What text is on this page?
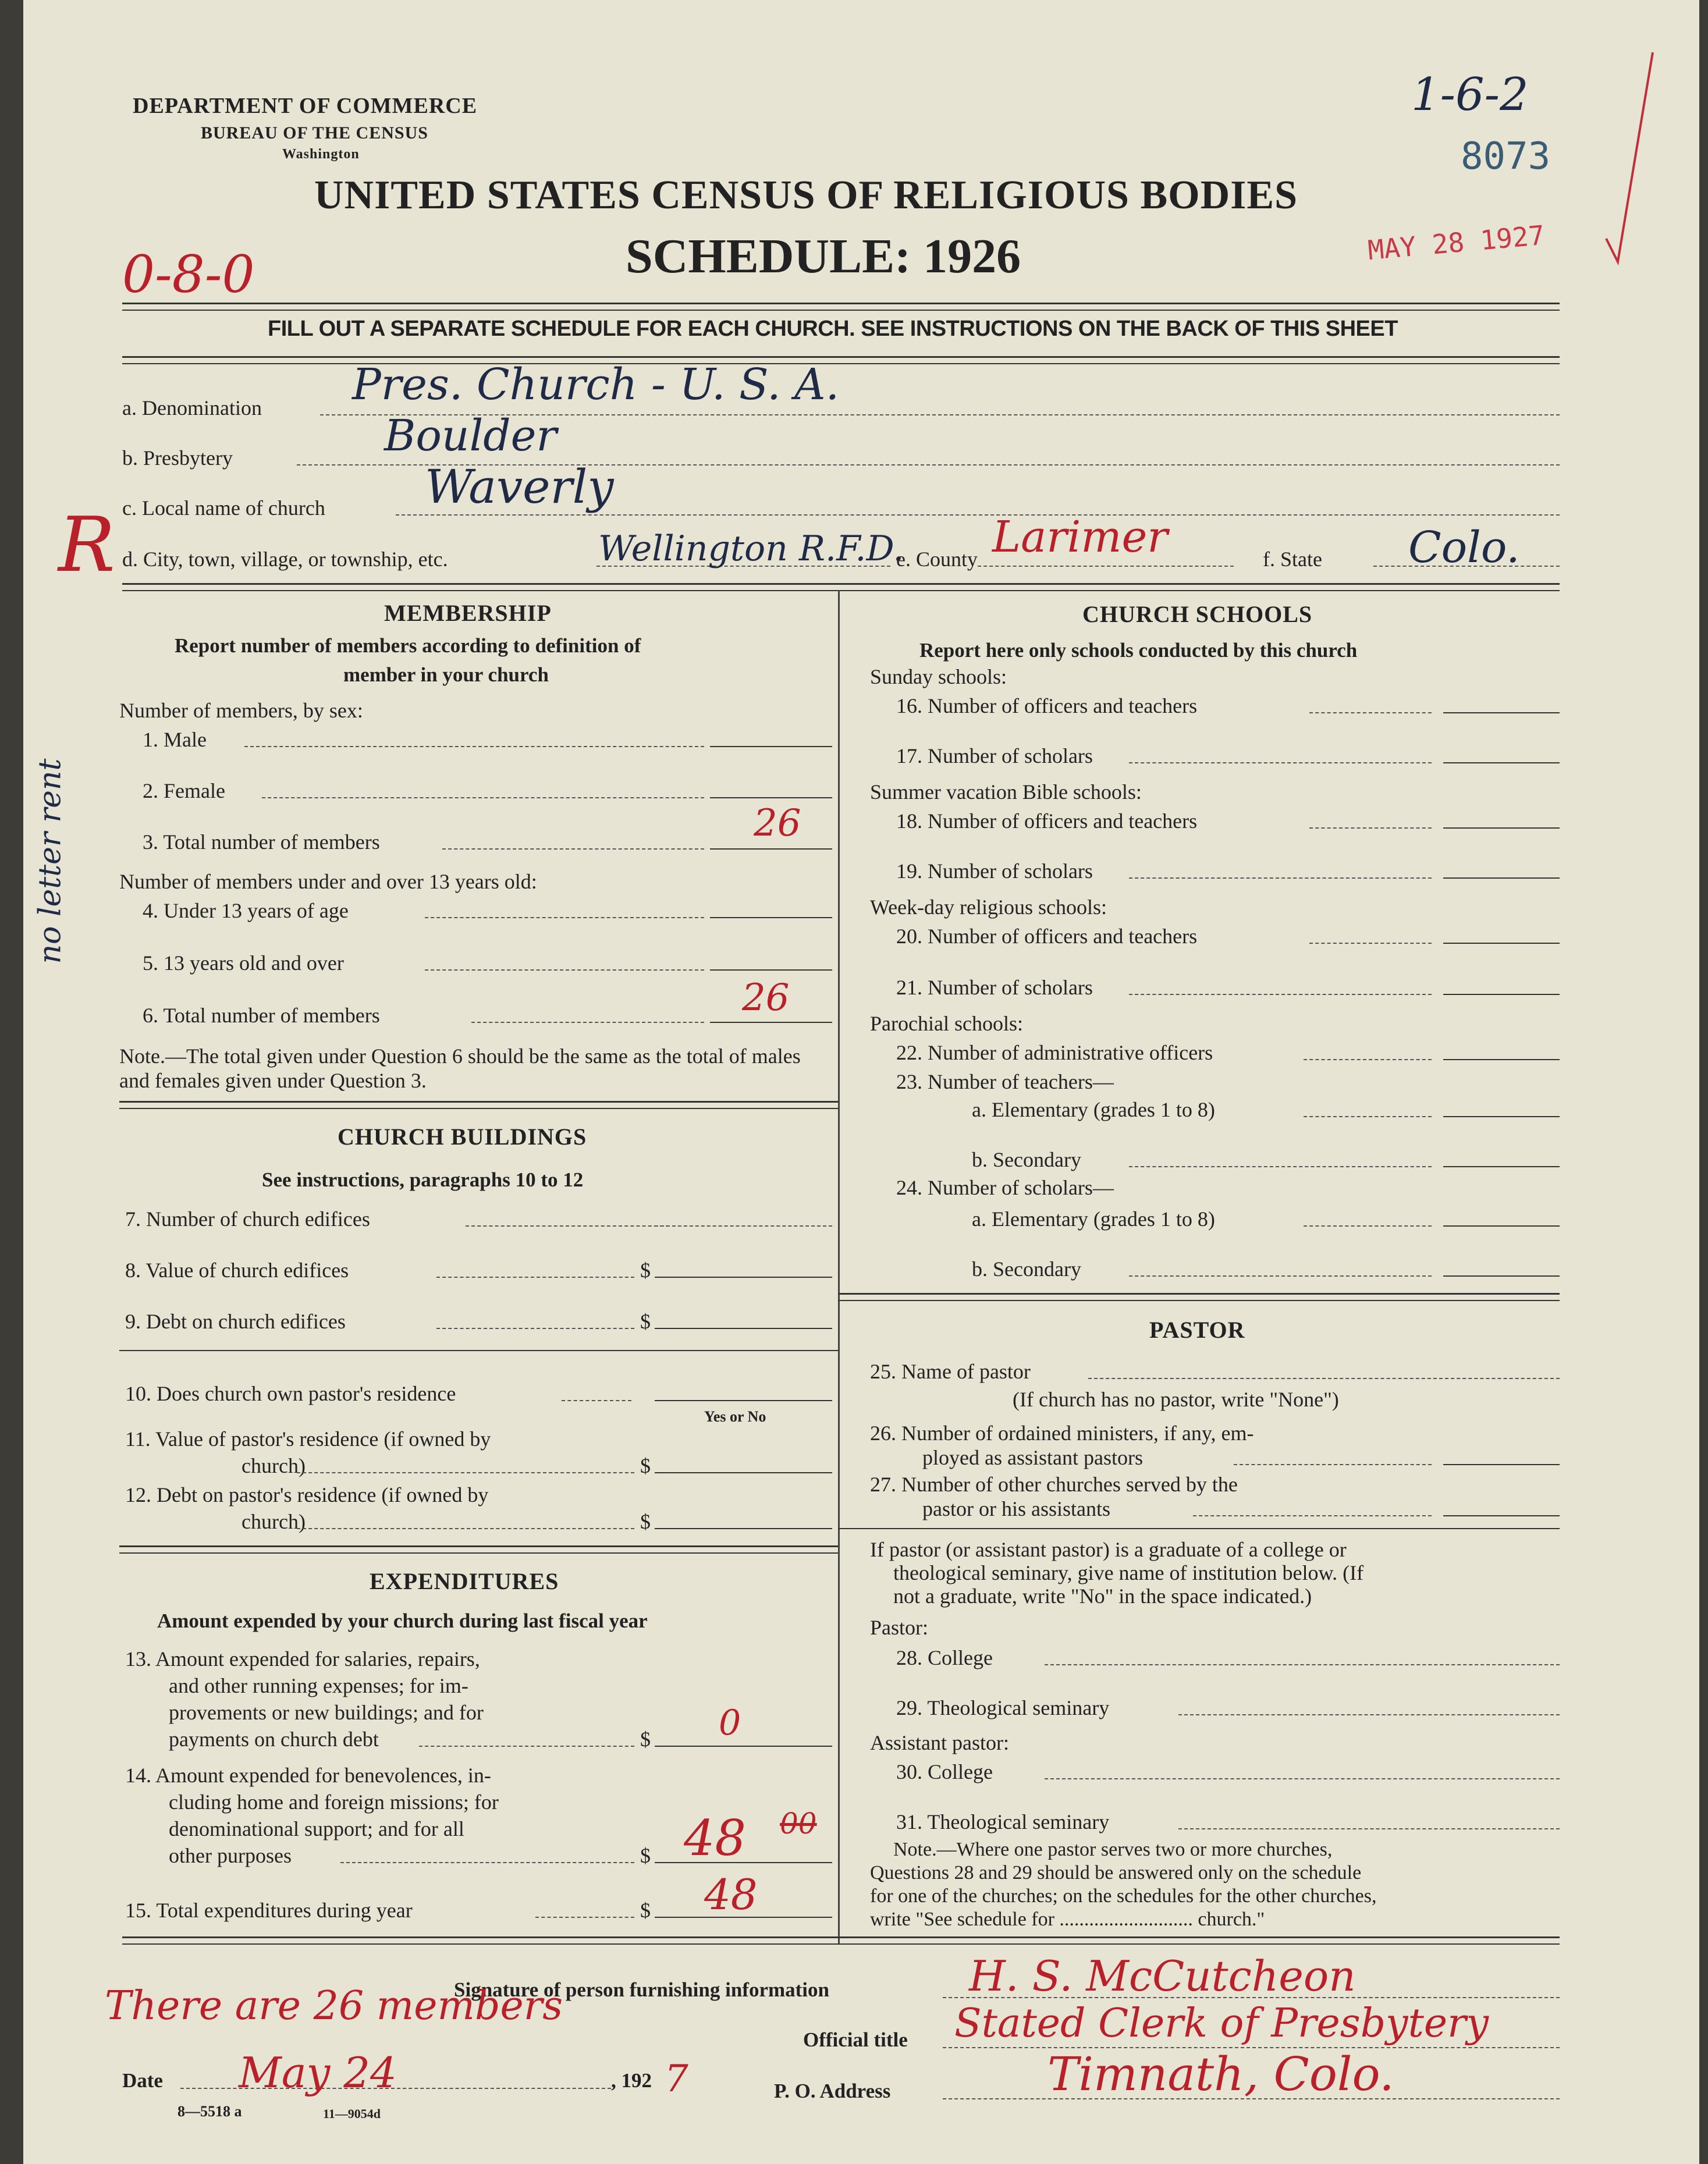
DEPARTMENT OF COMMERCE
BUREAU OF THE CENSUS
Washington
UNITED STATES CENSUS OF RELIGIOUS BODIES
SCHEDULE: 1926
1-6-2
8073
MAY 28 1927
0-8-0
FILL OUT A SEPARATE SCHEDULE FOR EACH CHURCH. SEE INSTRUCTIONS ON THE BACK OF THIS SHEET
a. Denomination Pres. Church - U. S. A.
b. Presbytery	Boulder
c. Local name of church Waverly
R d. City, town, village, or township, etc.	Wellington R.F.D.
e. County Larimer	f. State Colo.
no letter rent
MEMBERSHIP
Report number of members according to definition of
member in your church
Number of members, by sex:
1. Male
2. Female
3. Total number of members	26
Number of members under and over 13 years old:
4. Under 13 years of age
5. 13 years old and over
6. Total number of members	26
Note.—The total given under Question 6 should be the same as the total of males and females given under Question 3.
CHURCH BUILDINGS
See instructions, paragraphs 10 to 12
7. Number of church edifices
8. Value of church edifices	$
9. Debt on church edifices	$
10. Does church own pastor's residence
Yes or No
11. Value of pastor's residence (if owned by
church)	$
12. Debt on pastor's residence (if owned by
church)	$
EXPENDITURES
Amount expended by your church during last fiscal year
13. Amount expended for salaries, repairs,
and other running expenses; for im-
provements or new buildings; and for
payments on church debt	$ 0
14. Amount expended for benevolences, in-
cluding home and foreign missions; for
denominational support; and for all
other purposes	$ 48 00
15. Total expenditures during year	$ 48
CHURCH SCHOOLS
Report here only schools conducted by this church
Sunday schools:
16. Number of officers and teachers
17. Number of scholars
Summer vacation Bible schools:
18. Number of officers and teachers
19. Number of scholars
Week-day religious schools:
20. Number of officers and teachers
21. Number of scholars
Parochial schools:
22. Number of administrative officers
23. Number of teachers—
a. Elementary (grades 1 to 8)
b. Secondary
24. Number of scholars—
a. Elementary (grades 1 to 8)
b. Secondary
PASTOR
25. Name of pastor
(If church has no pastor, write "None")
26. Number of ordained ministers, if any, em-
ployed as assistant pastors
27. Number of other churches served by the
pastor or his assistants
If pastor (or assistant pastor) is a graduate of a college or
theological seminary, give name of institution below. (If
not a graduate, write "No" in the space indicated.)
Pastor:
28. College
29. Theological seminary
Assistant pastor:
30. College
31. Theological seminary
Note.—Where one pastor serves two or more churches,
Questions 28 and 29 should be answered only on the schedule
for one of the churches; on the schedules for the other churches,
write "See schedule for ........................... church."
Signature of person furnishing information	H. S. McCutcheon
There are 26 members
Official title Stated Clerk of Presbytery
Date May 24	, 192 7	P. O. Address	Timnath, Colo.
8—5518 a	11—9054d
